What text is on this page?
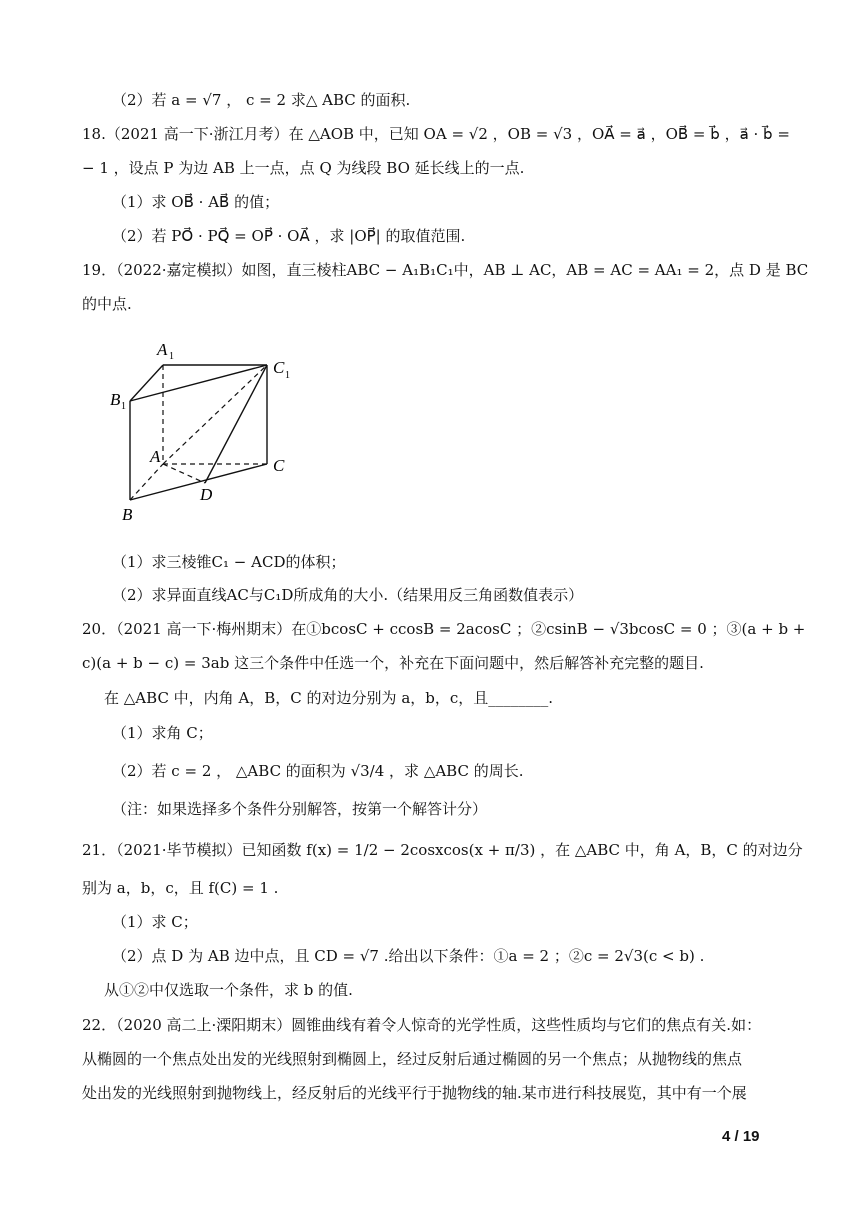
（2）若 a = √7 ， c = 2 求△ ABC 的面积.
18.（2021 高一下·浙江月考）在 △AOB 中，已知 OA = √2 ，OB = √3 ，OA⃗ = a⃗ ，OB⃗ = b⃗ ，a⃗ · b⃗ =
− 1 ，设点 P 为边 AB 上一点，点 Q 为线段 BO 延长线上的一点.
（1）求 OB⃗ · AB⃗ 的值；
（2）若 PO⃗ · PQ⃗ = OP⃗ · OA⃗ ，求 |OP⃗| 的取值范围.
19．（2022·嘉定模拟）如图，直三棱柱ABC − A₁B₁C₁中，AB ⊥ AC，AB = AC = AA₁ = 2，点 D 是 BC
的中点.
A 1
B 1
C 1
A	C
D
B
（1）求三棱锥C₁ − ACD的体积；
（2）求异面直线AC与C₁D所成角的大小.（结果用反三角函数值表示）
20．（2021 高一下·梅州期末）在①bcosC + ccosB = 2acosC ；②csinB − √3bcosC = 0 ；③(a + b +
c)(a + b − c) = 3ab 这三个条件中任选一个，补充在下面问题中，然后解答补充完整的题目.
在 △ABC 中，内角 A，B，C 的对边分别为 a，b，c，且________.
（1）求角 C；
（2）若 c = 2 ， △ABC 的面积为 √3/4 ，求 △ABC 的周长.
（注：如果选择多个条件分别解答，按第一个解答计分）
21．（2021·毕节模拟）已知函数 f(x) = 1/2 − 2cosxcos(x + π/3) ，在 △ABC 中，角 A，B，C 的对边分
别为 a，b，c，且 f(C) = 1 .
（1）求 C；
（2）点 D 为 AB 边中点，且 CD = √7 .给出以下条件：①a = 2 ；②c = 2√3(c < b) .
从①②中仅选取一个条件，求 b 的值.
22．（2020 高二上·溧阳期末）圆锥曲线有着令人惊奇的光学性质，这些性质均与它们的焦点有关.如：
从椭圆的一个焦点处出发的光线照射到椭圆上，经过反射后通过椭圆的另一个焦点；从抛物线的焦点
处出发的光线照射到抛物线上，经反射后的光线平行于抛物线的轴.某市进行科技展览，其中有一个展
4 / 19
